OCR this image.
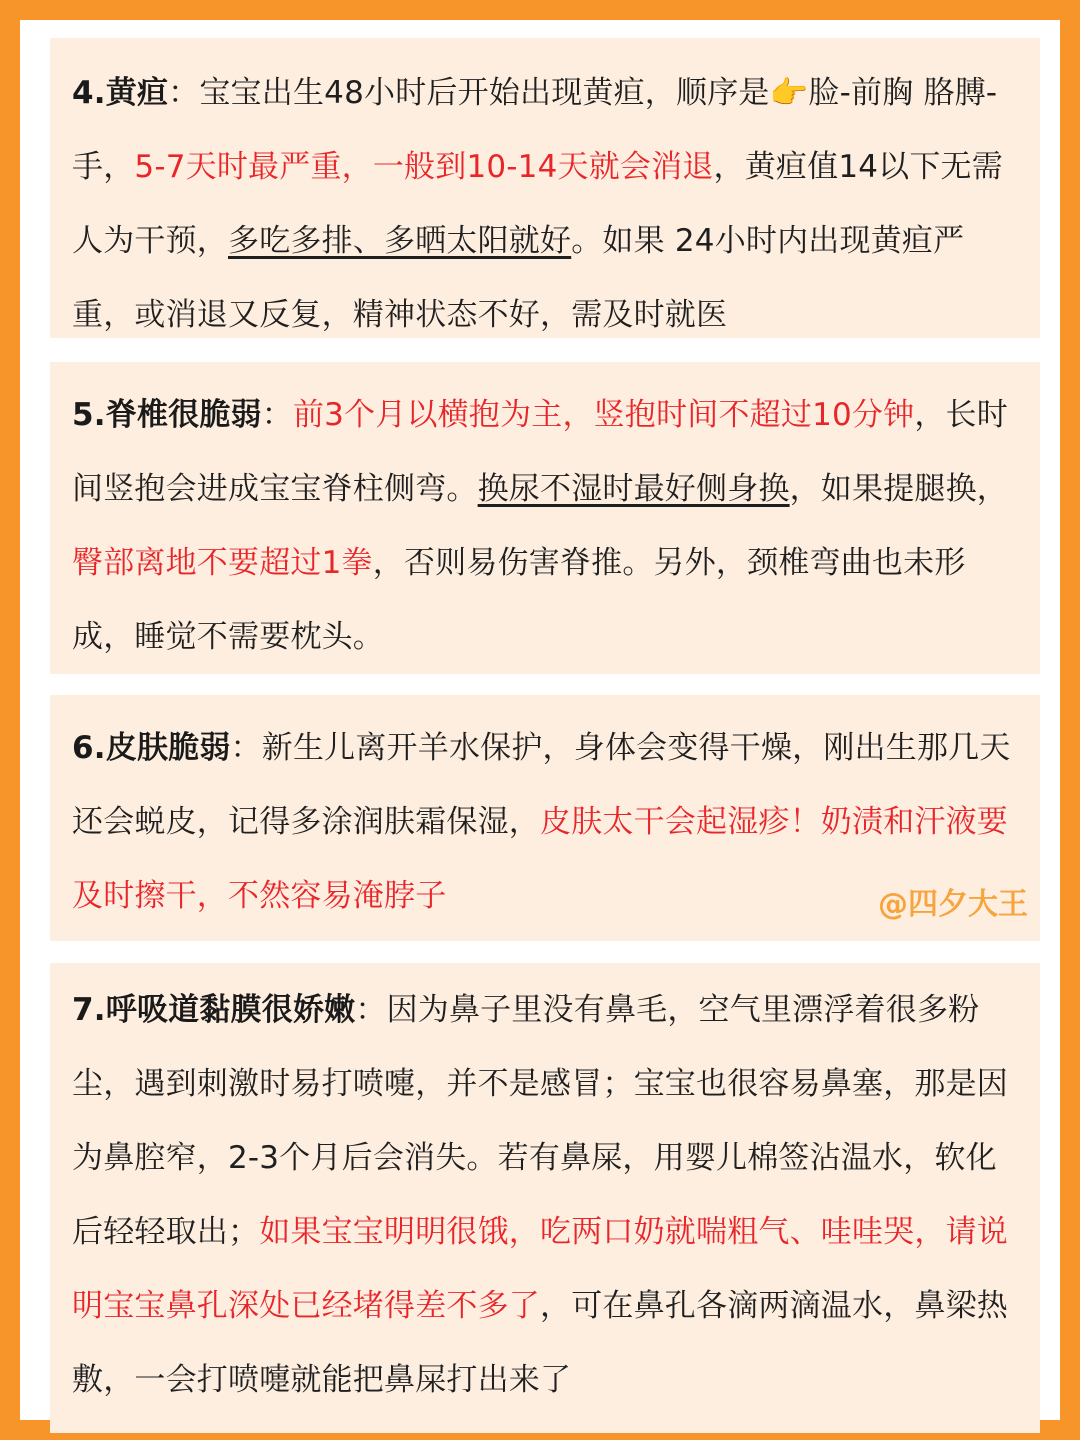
4.黄疸：宝宝出生48小时后开始出现黄疸，顺序是👉脸-前胸 胳膊-手，5-7天时最严重，一般到10-14天就会消退，黄疸值14以下无需人为干预，多吃多排、多晒太阳就好。如果 24小时内出现黄疸严重，或消退又反复，精神状态不好，需及时就医

5.脊椎很脆弱：前3个月以横抱为主，竖抱时间不超过10分钟，长时间竖抱会进成宝宝脊柱侧弯。换尿不湿时最好侧身换，如果提腿换，臀部离地不要超过1拳，否则易伤害脊推。另外，颈椎弯曲也未形成，睡觉不需要枕头。

6.皮肤脆弱：新生儿离开羊水保护，身体会变得干燥，刚出生那几天还会蜕皮，记得多涂润肤霜保湿，皮肤太干会起湿疹！奶渍和汗液要及时擦干，不然容易淹脖子	@四夕大王

7.呼吸道黏膜很娇嫩：因为鼻子里没有鼻毛，空气里漂浮着很多粉尘，遇到刺激时易打喷嚏，并不是感冒；宝宝也很容易鼻塞，那是因为鼻腔窄，2-3个月后会消失。若有鼻屎，用婴儿棉签沾温水，软化后轻轻取出；如果宝宝明明很饿，吃两口奶就喘粗气、哇哇哭，请说明宝宝鼻孔深处已经堵得差不多了，可在鼻孔各滴两滴温水，鼻梁热敷，一会打喷嚏就能把鼻屎打出来了
